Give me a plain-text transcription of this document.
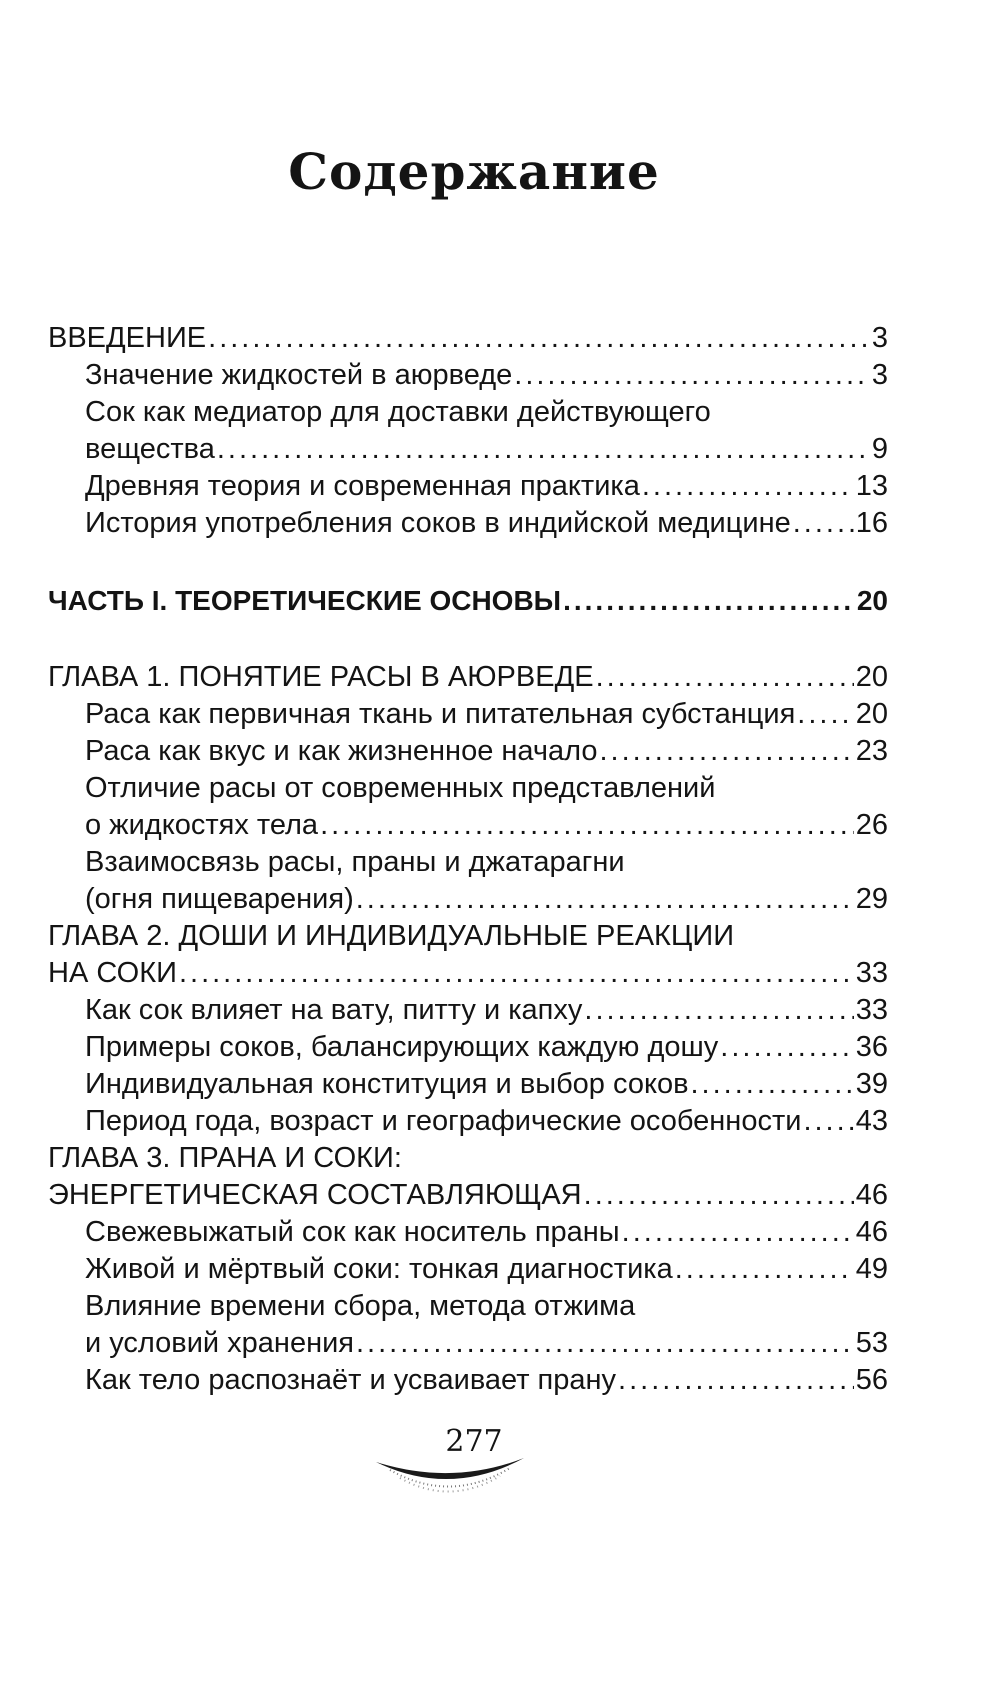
Содержание
ВВЕДЕНИЕ .....	3
Значение жидкостей в аюрведе .....	3
Сок как медиатор для доставки действующего
вещества .....	9
Древняя теория и современная практика .....	13
История употребления соков в индийской медицине ..... 16
ЧАСТЬ I. ТЕОРЕТИЧЕСКИЕ ОСНОВЫ .....	20
ГЛАВА 1. ПОНЯТИЕ РАСЫ В АЮРВЕДЕ .....	20
Раса как первичная ткань и питательная субстанция ..... 20
Раса как вкус и как жизненное начало .....	23
Отличие расы от современных представлений
о жидкостях тела .....	26
Взаимосвязь расы, праны и джатарагни
(огня пищеварения) .....	29
ГЛАВА 2. ДОШИ И ИНДИВИДУАЛЬНЫЕ РЕАКЦИИ
НА СОКИ .....	33
Как сок влияет на вату, питту и капху .....	33
Примеры соков, балансирующих каждую дошу .....	36
Индивидуальная конституция и выбор соков .....	39
Период года, возраст и географические особенности ..... 43
ГЛАВА 3. ПРАНА И СОКИ:
ЭНЕРГЕТИЧЕСКАЯ СОСТАВЛЯЮЩАЯ .....	46
Свежевыжатый сок как носитель праны .....	46
Живой и мёртвый соки: тонкая диагностика .....	49
Влияние времени сбора, метода отжима
и условий хранения .....	53
Как тело распознаёт и усваивает прану .....	56
277
